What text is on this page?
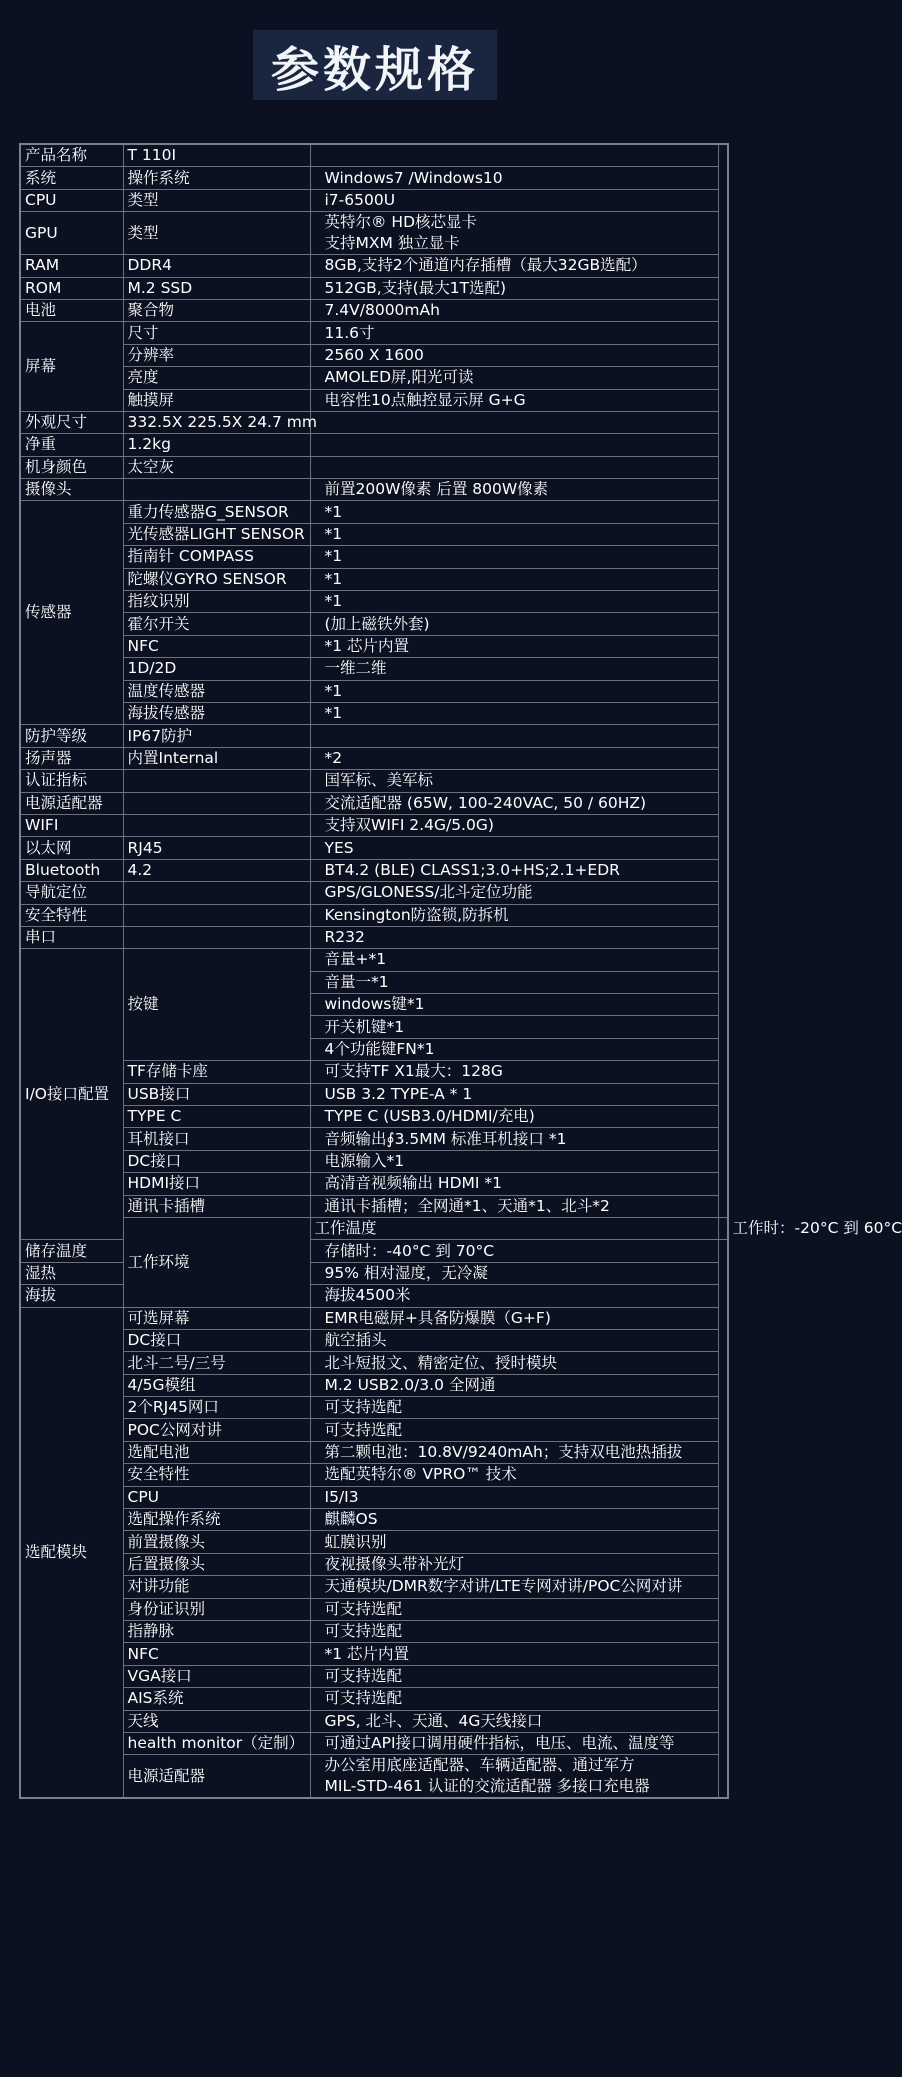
参数规格
产品名称	T 110I		
系统	操作系统	Windows7 /Windows10	
CPU	类型	i7-6500U	
GPU	类型	英特尔® HD核芯显卡
支持MXM 独立显卡	

RAM	DDR4	8GB,支持2个通道内存插槽（最大32GB选配）	
ROM	M.2 SSD	512GB,支持(最大1T选配)	
电池	聚合物	7.4V/8000mAh	
屏幕	尺寸	11.6寸	
	分辨率	2560 X 1600	
	亮度	AMOLED屏,阳光可读	
	触摸屏	电容性10点触控显示屏 G+G	
外观尺寸	332.5X 225.5X 24.7 mm		
净重	1.2kg		
机身颜色	太空灰		
摄像头		前置200W像素 后置 800W像素	
传感器	重力传感器G_SENSOR	*1	
	光传感器LIGHT SENSOR	*1	
	指南针 COMPASS	*1	
	陀螺仪GYRO SENSOR	*1	
	指纹识别	*1	
	霍尔开关	(加上磁铁外套)	
	NFC	*1 芯片内置	
	1D/2D	一维二维	
	温度传感器	*1	
	海拔传感器	*1	
防护等级	IP67防护		
扬声器	内置Internal	*2	
认证指标		国军标、美军标	
电源适配器		交流适配器 (65W, 100-240VAC, 50 / 60HZ)	
WIFI		支持双WIFI 2.4G/5.0G)	
以太网	RJ45	YES	
Bluetooth	4.2	BT4.2 (BLE) CLASS1;3.0+HS;2.1+EDR	
导航定位		GPS/GLONESS/北斗定位功能	
安全特性		Kensington防盗锁,防拆机	
串口		R232	
I/O接口配置	按键	音量+*1	
		音量一*1	
		windows键*1	
		开关机键*1	
		4个功能键FN*1	
	TF存储卡座	可支持TF X1最大：128G	
	USB接口	USB 3.2 TYPE-A * 1	
	TYPE C	TYPE C (USB3.0/HDMI/充电)	
	耳机接口	音频输出∮3.5MM 标准耳机接口 *1	
	DC接口	电源输入*1	
	HDMI接口	高清音视频输出 HDMI *1	
	通讯卡插槽	通讯卡插槽；全网通*1、天通*1、北斗*2	
	工作环境	工作温度	工作时：-20°C 到 60°C
储存温度		存储时：-40°C 到 70°C	
湿热		95% 相对湿度，无冷凝	
海拔		海拔4500米	
选配模块	可选屏幕	EMR电磁屏+具备防爆膜（G+F)	
	DC接口	航空插头	
	北斗二号/三号	北斗短报文、精密定位、授时模块	
	4/5G模组	M.2 USB2.0/3.0 全网通	
	2个RJ45网口	可支持选配	
	POC公网对讲	可支持选配	
	选配电池	第二颗电池：10.8V/9240mAh；支持双电池热插拔	
	安全特性	选配英特尔® VPRO™ 技术	
	CPU	I5/I3	
	选配操作系统	麒麟OS	
	前置摄像头	虹膜识别	
	后置摄像头	夜视摄像头带补光灯	
	对讲功能	天通模块/DMR数字对讲/LTE专网对讲/POC公网对讲	
	身份证识别	可支持选配	
	指静脉	可支持选配	
	NFC	*1 芯片内置	
	VGA接口	可支持选配	
	AIS系统	可支持选配	
	天线	GPS, 北斗、天通、4G天线接口	
	health monitor（定制）	可通过API接口调用硬件指标，电压、电流、温度等	
	电源适配器	办公室用底座适配器、车辆适配器、通过军方
MIL-STD-461 认证的交流适配器 多接口充电器	
